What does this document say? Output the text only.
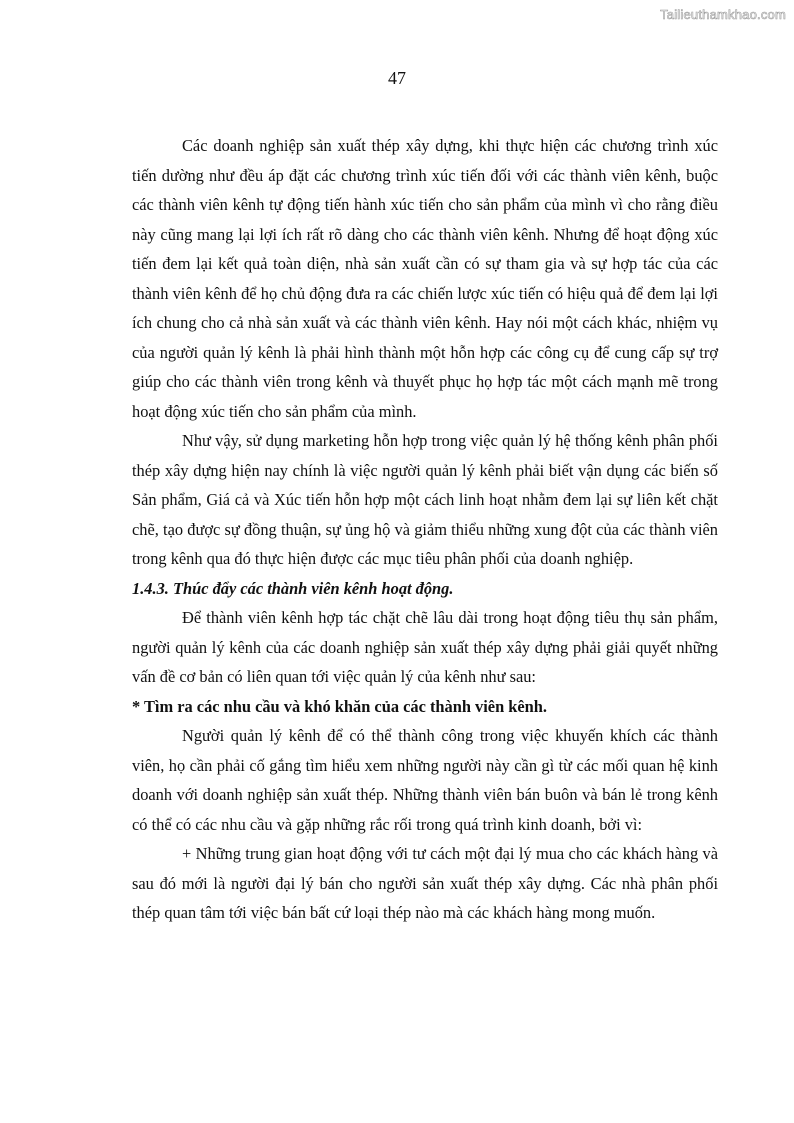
Tailieuthamkhao.com
47

Các doanh nghiệp sản xuất thép xây dựng, khi thực hiện các chương trình xúc tiến dường như đều áp đặt các chương trình xúc tiến đối với các thành viên kênh, buộc các thành viên kênh tự động tiến hành xúc tiến cho sản phẩm của mình vì cho rằng điều này cũng mang lại lợi ích rất rõ dàng cho các thành viên kênh. Nhưng để hoạt động xúc tiến đem lại kết quả toàn diện, nhà sản xuất cần có sự tham gia và sự hợp tác của các thành viên kênh để họ chủ động đưa ra các chiến lược xúc tiến có hiệu quả để đem lại lợi ích chung cho cả nhà sản xuất và các thành viên kênh. Hay nói một cách khác, nhiệm vụ của người quản lý kênh là phải hình thành một hỗn hợp các công cụ để cung cấp sự trợ giúp cho các thành viên trong kênh và thuyết phục họ hợp tác một cách mạnh mẽ trong hoạt động xúc tiến cho sản phẩm của mình.

Như vậy, sử dụng marketing hỗn hợp trong việc quản lý hệ thống kênh phân phối thép xây dựng hiện nay chính là việc người quản lý kênh phải biết vận dụng các biến số Sản phẩm, Giá cả và Xúc tiến hỗn hợp một cách linh hoạt nhằm đem lại sự liên kết chặt chẽ, tạo được sự đồng thuận, sự ủng hộ và giảm thiểu những xung đột của các thành viên trong kênh qua đó thực hiện được các mục tiêu phân phối của doanh nghiệp.

1.4.3. Thúc đẩy các thành viên kênh hoạt động.

Để thành viên kênh hợp tác chặt chẽ lâu dài trong hoạt động tiêu thụ sản phẩm, người quản lý kênh của các doanh nghiệp sản xuất thép xây dựng phải giải quyết những vấn đề cơ bản có liên quan tới việc quản lý của kênh như sau:

* Tìm ra các nhu cầu và khó khăn của các thành viên kênh.

Người quản lý kênh để có thể thành công trong việc khuyến khích các thành viên, họ cần phải cố gắng tìm hiểu xem những người này cần gì từ các mối quan hệ kinh doanh với doanh nghiệp sản xuất thép. Những thành viên bán buôn và bán lẻ trong kênh có thể có các nhu cầu và gặp những rắc rối trong quá trình kinh doanh, bởi vì:

+ Những trung gian hoạt động với tư cách một đại lý mua cho các khách hàng và sau đó mới là người đại lý bán cho người sản xuất thép xây dựng. Các nhà phân phối thép quan tâm tới việc bán bất cứ loại thép nào mà các khách hàng mong muốn.
